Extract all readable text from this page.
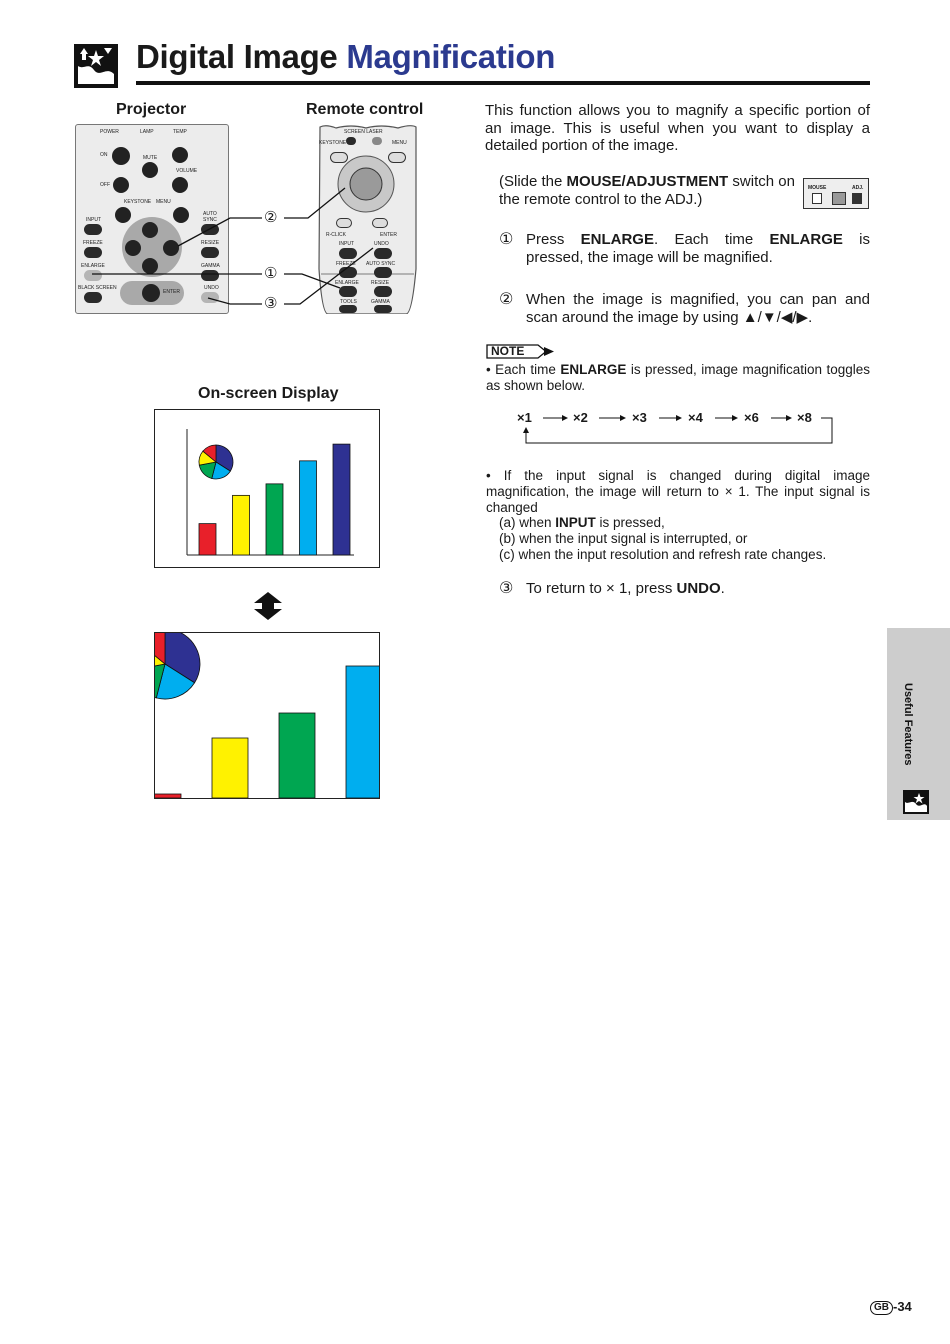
Digital Image Magnification
Projector	Remote control
POWER	LAMP	TEMP
ON	MUTE
VOLUME
OFF
KEYSTONE MENU
INPUT
AUTO
SYNC
FREEZE	RESIZE
ENLARGE	GAMMA
BLACK SCREEN
ENTER
UNDO
SCREEN LASER
KEYSTONE	MENU
R-CLICK	ENTER
INPUT	UNDO
FREEZE AUTO SYNC
ENLARGE RESIZE
TOOLS	GAMMA
②
①
③
On-screen Display
This function allows you to magnify a specific portion of an image. This is useful when you want to display a detailed portion of the image.
(Slide the MOUSE/ADJUSTMENT switch on the remote control to the ADJ.)
MOUSE	ADJ.
① Press ENLARGE. Each time ENLARGE is pressed, the image will be magnified.
② When the image is magnified, you can pan and scan around the image by using ▲/▼/◀/▶.
NOTE
• Each time ENLARGE is pressed, image magnification toggles as shown below.
×1	×2	×3	×4	×6	×8
• If the input signal is changed during digital image magnification, the image will return to × 1. The input signal is changed
(a) when INPUT is pressed,
(b) when the input signal is interrupted, or
(c) when the input resolution and refresh rate changes.
③ To return to × 1, press UNDO.
Useful Features
GB -34
